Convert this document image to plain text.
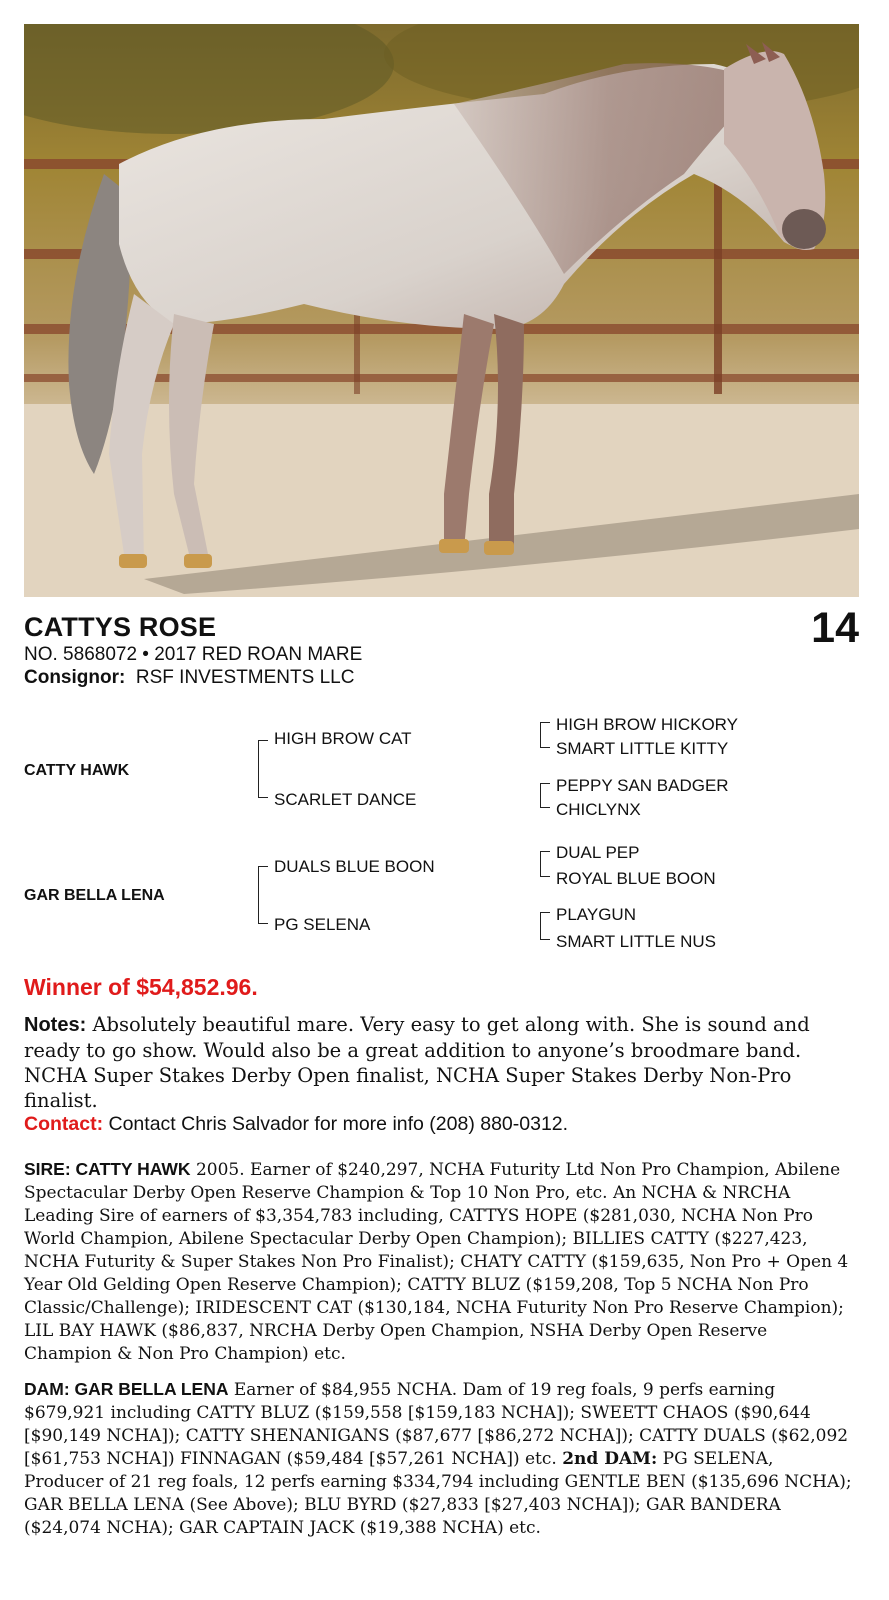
CATTYS ROSE	14
NO. 5868072 • 2017 RED ROAN MARE
Consignor: RSF INVESTMENTS LLC
CATTY HAWK
GAR BELLA LENA
HIGH BROW CAT
SCARLET DANCE
DUALS BLUE BOON
PG SELENA
HIGH BROW HICKORY
SMART LITTLE KITTY
PEPPY SAN BADGER
CHICLYNX
DUAL PEP
ROYAL BLUE BOON
PLAYGUN
SMART LITTLE NUS
Winner of $54,852.96.
Notes: Absolutely beautiful mare. Very easy to get along with. She is sound and ready to go show. Would also be a great addition to anyone’s broodmare band. NCHA Super Stakes Derby Open finalist, NCHA Super Stakes Derby Non-Pro finalist.
Contact: Contact Chris Salvador for more info (208) 880-0312.
SIRE: CATTY HAWK 2005. Earner of $240,297, NCHA Futurity Ltd Non Pro Champion, Abilene Spectacular Derby Open Reserve Champion & Top 10 Non Pro, etc. An NCHA & NRCHA Leading Sire of earners of $3,354,783 including, CATTYS HOPE ($281,030, NCHA Non Pro World Champion, Abilene Spectacular Derby Open Champion); BILLIES CATTY ($227,423, NCHA Futurity & Super Stakes Non Pro Finalist); CHATY CATTY ($159,635, Non Pro + Open 4 Year Old Gelding Open Reserve Champion); CATTY BLUZ ($159,208, Top 5 NCHA Non Pro Classic/Challenge); IRIDESCENT CAT ($130,184, NCHA Futurity Non Pro Reserve Champion); LIL BAY HAWK ($86,837, NRCHA Derby Open Champion, NSHA Derby Open Reserve Champion & Non Pro Champion) etc.
DAM: GAR BELLA LENA Earner of $84,955 NCHA. Dam of 19 reg foals, 9 perfs earning $679,921 including CATTY BLUZ ($159,558 [$159,183 NCHA]); SWEETT CHAOS ($90,644 [$90,149 NCHA]); CATTY SHENANIGANS ($87,677 [$86,272 NCHA]); CATTY DUALS ($62,092 [$61,753 NCHA]) FINNAGAN ($59,484 [$57,261 NCHA]) etc. 2nd DAM: PG SELENA, Producer of 21 reg foals, 12 perfs earning $334,794 including GENTLE BEN ($135,696 NCHA); GAR BELLA LENA (See Above); BLU BYRD ($27,833 [$27,403 NCHA]); GAR BANDERA ($24,074 NCHA); GAR CAPTAIN JACK ($19,388 NCHA) etc.
